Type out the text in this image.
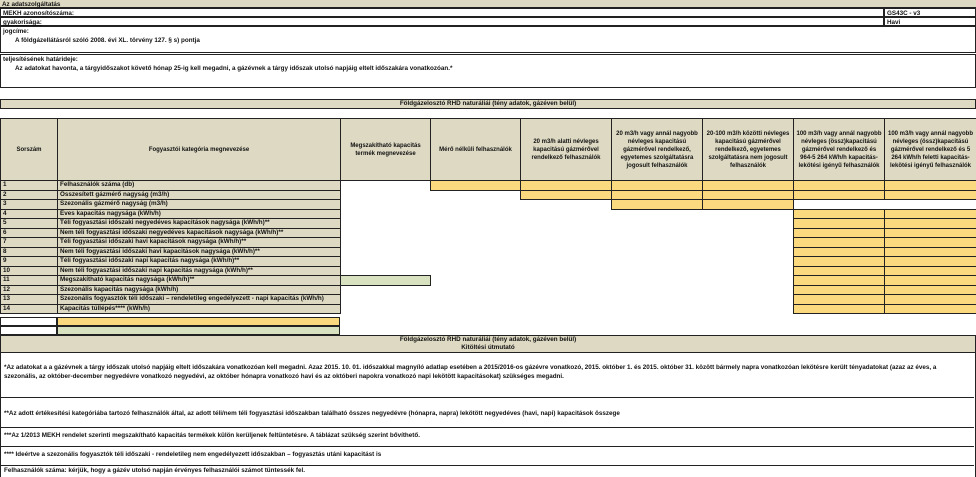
Az adatszolgáltatás
MEKH azonosítószáma:	GS43C - v3
gyakorisága:	Havi
jogcíme:
A földgázellátásról szóló 2008. évi XL. törvény 127. § s) pontja
teljesítésének határideje:
Az adatokat havonta, a tárgyidőszakot követő hónap 25-ig kell megadni, a gázévnek a tárgy időszak utolsó napjáig eltelt időszakára vonatkozóan.*
Földgázelosztó RHD naturáliái (tény adatok, gázéven belül)
Sorszám	Fogyasztói kategória megnevezése	Megszakítható kapacitás termék megnevezése	Mérő nélküli felhasználók	20 m3/h alatti névleges kapacitású gázmérővel rendelkező felhasználók	20 m3/h vagy annál nagyobb névleges kapacitású gázmérővel rendelkező, egyetemes szolgáltatásra jogosult felhasználók	20-100 m3/h közötti névleges kapacitású gázmérővel rendelkező, egyetemes szolgáltatásra nem jogosult felhasználók	100 m3/h vagy annál nagyobb névleges (össz)kapacitású gázmérővel rendelkező és 964-5 264 kWh/h kapacitás-lekötési igényű felhasználók	100 m3/h vagy annál nagyobb névleges (össz)kapacitású gázmérővel rendelkező és 5 264 kWh/h feletti kapacitás-lekötési igényű felhasználók
1	Felhasználók száma (db)							
2	Összesített gázmérő nagyság (m3/h)							
3	Szezonális gázmérő nagyság (m3/h)							
4	Éves kapacitás nagysága (kWh/h)							
5	Téli fogyasztási időszaki negyedéves kapacitások nagysága (kWh/h)**							
6	Nem téli fogyasztási időszaki negyedéves kapacitások nagysága (kWh/h)**							
7	Téli fogyasztási időszaki havi kapacitások nagysága (kWh/h)**							
8	Nem téli fogyasztási időszaki havi kapacitások nagysága (kWh/h)**							
9	Téli fogyasztási időszaki napi kapacitás nagysága (kWh/h)**							
10	Nem téli fogyasztási időszaki napi kapacitás nagysága (kWh/h)**							
11	Megszakítható kapacitás nagysága (kWh/h)**							
12	Szezonális kapacitás nagysága (kWh/h)							
13	Szezonális fogyasztók téli időszaki – rendeletileg engedélyezett - napi kapacitás (kWh/h)							
14	Kapacitás túllépés**** (kWh/h)							
Földgázelosztó RHD naturáliái (tény adatok, gázéven belül)
Kitöltési útmutató
*Az adatokat a a gázévnek a tárgy időszak utolsó napjáig eltelt időszakára vonatkozóan kell megadni. Azaz 2015. 10. 01. időszakkal magnyíló adatlap esetében a 2015/2016-os gázévre vonatkozó, 2015. október 1. és 2015. október 31. között bármely napra vonatkozóan lekötésre került tényadatokat (azaz az éves, a szezonális, az október-december negyedévre vonatkozó negyedévi, az október hónapra vonatkozó havi és az októberi napokra vonatkozó napi lekötött kapacitásokat) szükséges megadni.
**Az adott értékesítési kategóriába tartozó felhasználók által, az adott téli/nem téli fogyasztási időszakban található összes negyedévre (hónapra, napra) lekötött negyedéves (havi, napi) kapacitások összege
***Az 1/2013 MEKH rendelet szerinti megszakítható kapacitás termékek külön kerüljenek feltüntetésre. A táblázat szükség szerint bővíthető.
**** Ideértve a szezonális fogyasztók téli időszaki - rendeletileg nem engedélyezett időszakban – fogyasztás utáni kapacitást is
Felhasználók száma: kérjük, hogy a gázév utolsó napján érvényes felhasználói számot tüntessék fel.
